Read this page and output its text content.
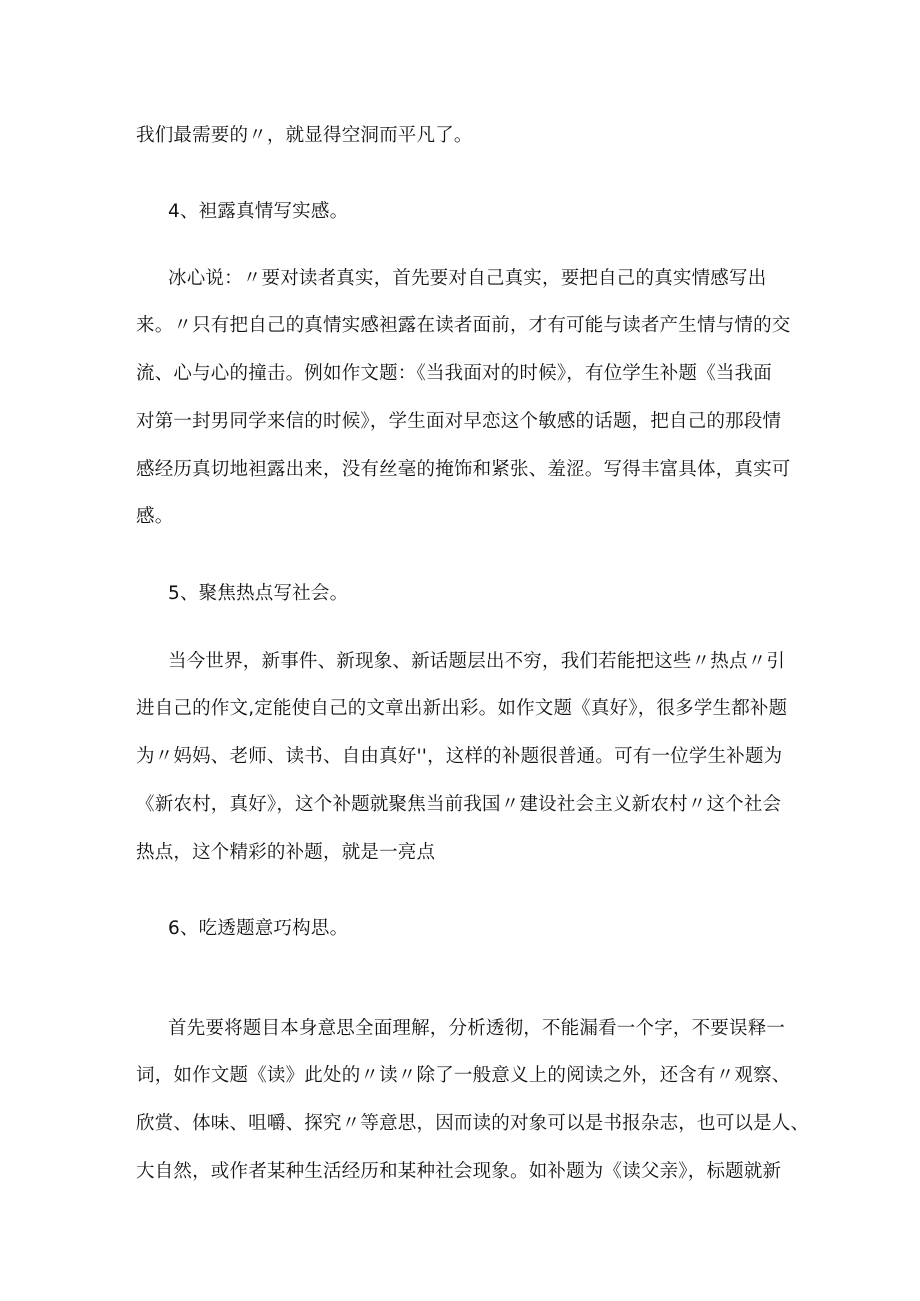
我们最需要的〃，就显得空洞而平凡了。
4、袒露真情写实感。
冰心说：〃要对读者真实，首先要对自己真实，要把自己的真实情感写出
来。〃只有把自己的真情实感袒露在读者面前，才有可能与读者产生情与情的交
流、心与心的撞击。例如作文题：《当我面对的时候》，有位学生补题《当我面
对第一封男同学来信的时候》，学生面对早恋这个敏感的话题，把自己的那段情
感经历真切地袒露出来，没有丝毫的掩饰和紧张、羞涩。写得丰富具体，真实可
感。
5、聚焦热点写社会。
当今世界，新事件、新现象、新话题层出不穷，我们若能把这些〃热点〃引
进自己的作文,定能使自己的文章出新出彩。如作文题《真好》，很多学生都补题
为〃妈妈、老师、读书、自由真好''，这样的补题很普通。可有一位学生补题为
《新农村，真好》，这个补题就聚焦当前我国〃建设社会主义新农村〃这个社会
热点，这个精彩的补题，就是一亮点
6、吃透题意巧构思。
首先要将题目本身意思全面理解，分析透彻，不能漏看一个字，不要误释一
词，如作文题《读》此处的〃读〃除了一般意义上的阅读之外，还含有〃观察、
欣赏、体味、咀嚼、探究〃等意思，因而读的对象可以是书报杂志，也可以是人、
大自然，或作者某种生活经历和某种社会现象。如补题为《读父亲》，标题就新
